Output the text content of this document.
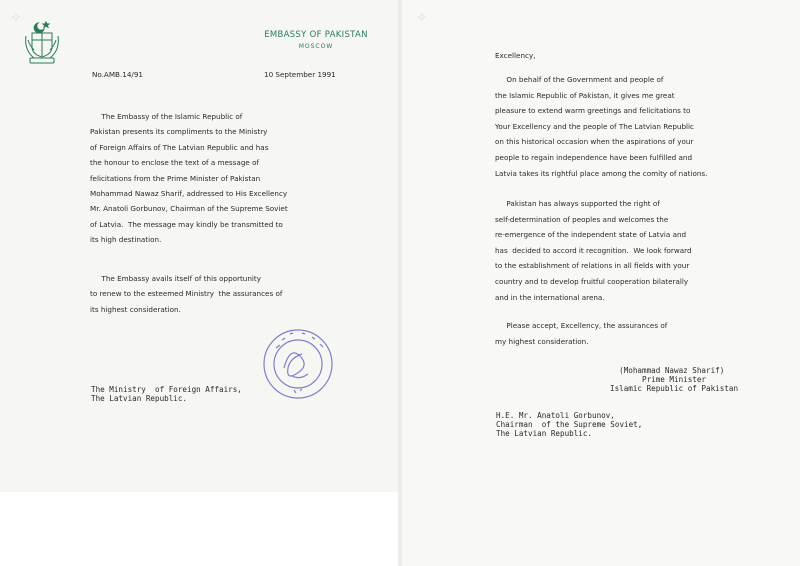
✧	✧
EMBASSY OF PAKISTAN
MOSCOW
No.AMB.14/91	10 September 1991
The Embassy of the Islamic Republic of
Pakistan presents its compliments to the Ministry
of Foreign Affairs of The Latvian Republic and has
the honour to enclose the text of a message of
felicitations from the Prime Minister of Pakistan
Mohammad Nawaz Sharif, addressed to His Excellency
Mr. Anatoli Gorbunov, Chairman of the Supreme Soviet
of Latvia.  The message may kindly be transmitted to
its high destination.
The Embassy avails itself of this opportunity
to renew to the esteemed Ministry  the assurances of
its highest consideration.
The Ministry  of Foreign Affairs,
The Latvian Republic.
Excellency,
On behalf of the Government and people of
the Islamic Republic of Pakistan, it gives me great
pleasure to extend warm greetings and felicitations to
Your Excellency and the people of The Latvian Republic
on this historical occasion when the aspirations of your
people to regain independence have been fulfilled and
Latvia takes its rightful place among the comity of nations.
Pakistan has always supported the right of
self-determination of peoples and welcomes the
re-emergence of the independent state of Latvia and
has  decided to accord it recognition.  We look forward
to the establishment of relations in all fields with your
country and to develop fruitful cooperation bilaterally
and in the international arena.
Please accept, Excellency, the assurances of
my highest consideration.
(Mohammad Nawaz Sharif)
Prime Minister
Islamic Republic of Pakistan
H.E. Mr. Anatoli Gorbunov,
Chairman  of the Supreme Soviet,
The Latvian Republic.
